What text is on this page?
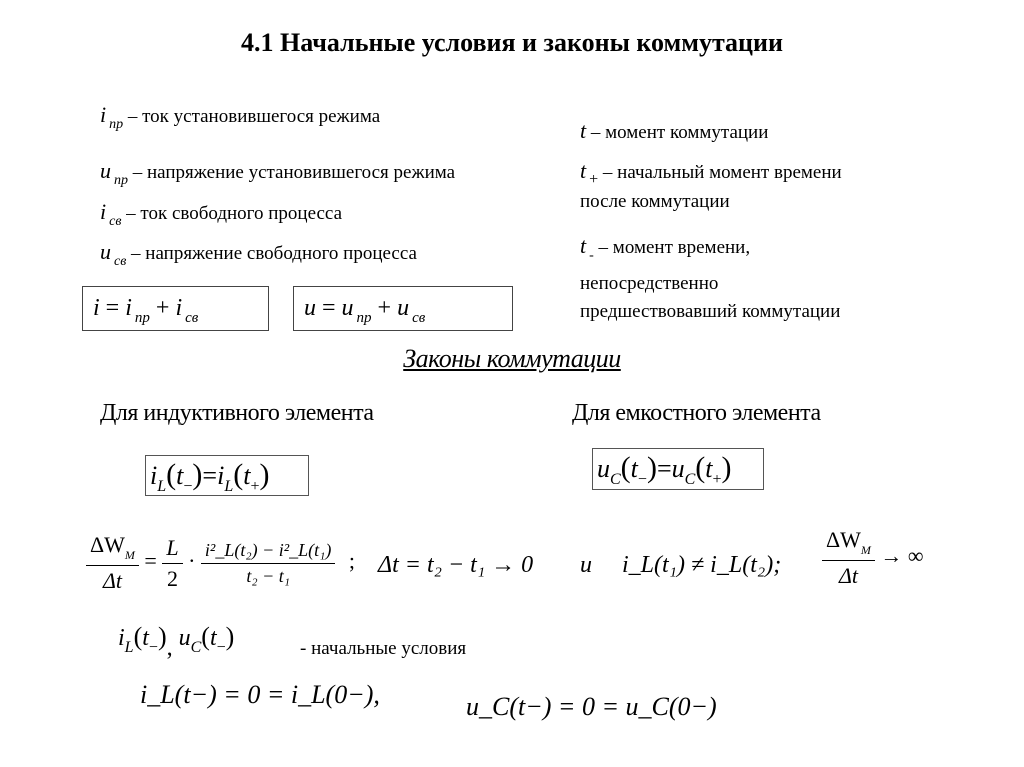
4.1 Начальные условия и законы коммутации
i $_{пр}$ – ток установившегося режима
u $_{пр}$ – напряжение установившегося режима
i $_{св}$ – ток свободного процесса
u $_{св}$ – напряжение свободного процесса
t – момент коммутации
t $_+$ – начальный момент времени
после коммутации
t $_-$ – момент времени,
непосредственно
предшествовавший коммутации
i = i $_{пр}$ + i $_{св}$	u = u $_{пр}$ + u $_{св}$
Законы коммутации
Для индуктивного элемента	Для емкостного элемента
$i_L(t_-)=i_L(t_+)$	$u_C(t_-)=u_C(t_+)$
$\frac{\Delta W_M}{\Delta t} = \frac{L}{2} \cdot \frac{\text{i²\_L(t₂) − i²\_L(t₁)}}{\text{t₂ − t₁}}$ ; Δt = t₂ − t₁ → 0 и i_L(t₁) ≠ i_L(t₂); $\frac{\Delta W_M}{\Delta t}$ → ∞
$i_L(t_-)$, $u_C(t_-)$	- начальные условия
i_L(t−) = 0 = i_L(0−),	u_C(t−) = 0 = u_C(0−)
